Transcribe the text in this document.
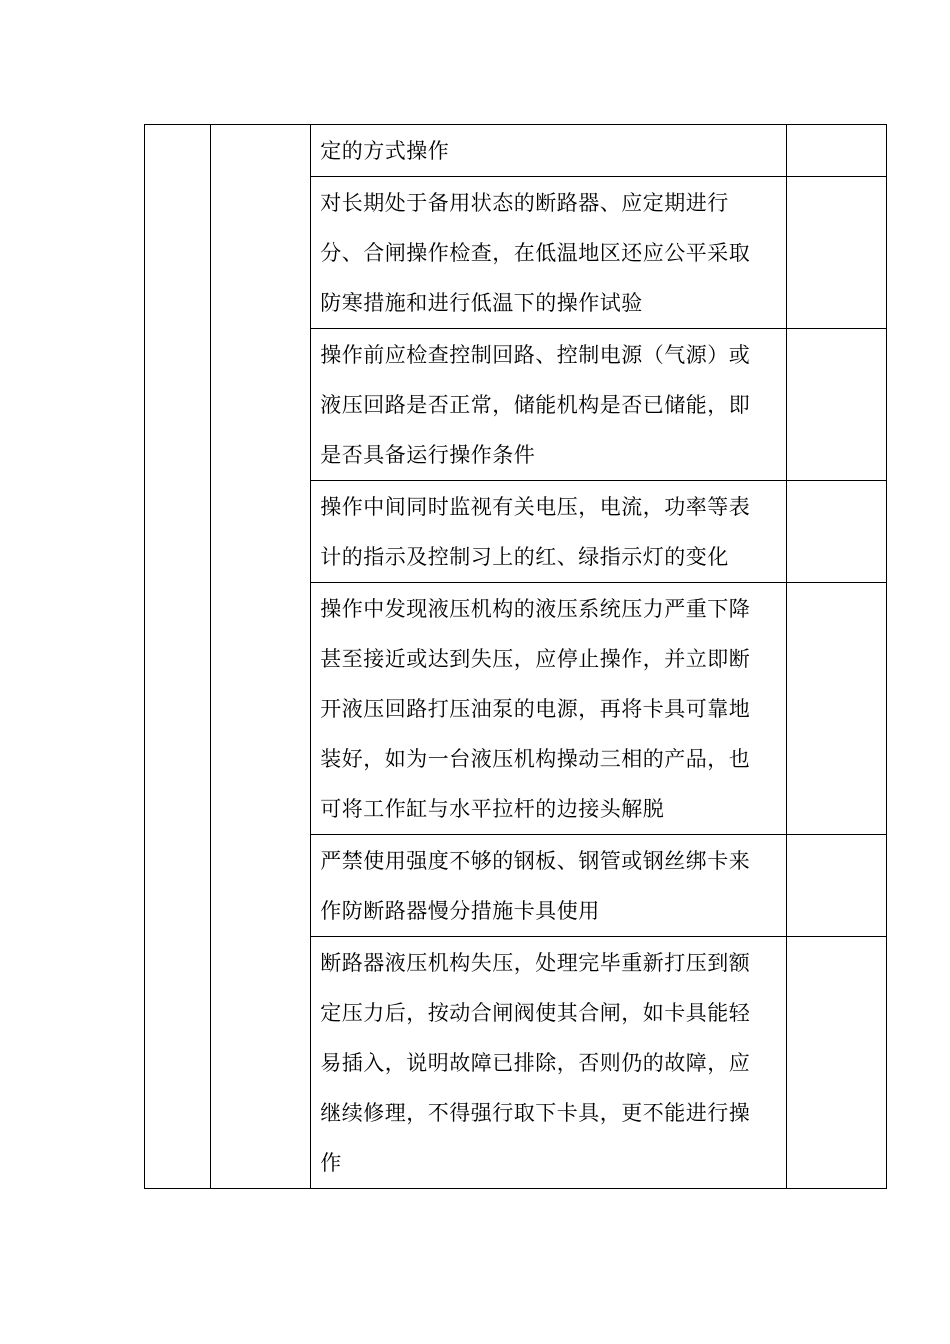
		定的方式操作	

		对长期处于备用状态的断路器、应定期进行
分、合闸操作检查，在低温地区还应公平采取
防寒措施和进行低温下的操作试验	

		操作前应检查控制回路、控制电源（气源）或
液压回路是否正常，储能机构是否已储能，即
是否具备运行操作条件	

		操作中间同时监视有关电压，电流，功率等表
计的指示及控制习上的红、绿指示灯的变化	

		操作中发现液压机构的液压系统压力严重下降
甚至接近或达到失压，应停止操作，并立即断
开液压回路打压油泵的电源，再将卡具可靠地
装好，如为一台液压机构操动三相的产品，也
可将工作缸与水平拉杆的边接头解脱	

		严禁使用强度不够的钢板、钢管或钢丝绑卡来
作防断路器慢分措施卡具使用	

		断路器液压机构失压，处理完毕重新打压到额
定压力后，按动合闸阀使其合闸，如卡具能轻
易插入，说明故障已排除，否则仍的故障，应
继续修理，不得强行取下卡具，更不能进行操
作	
